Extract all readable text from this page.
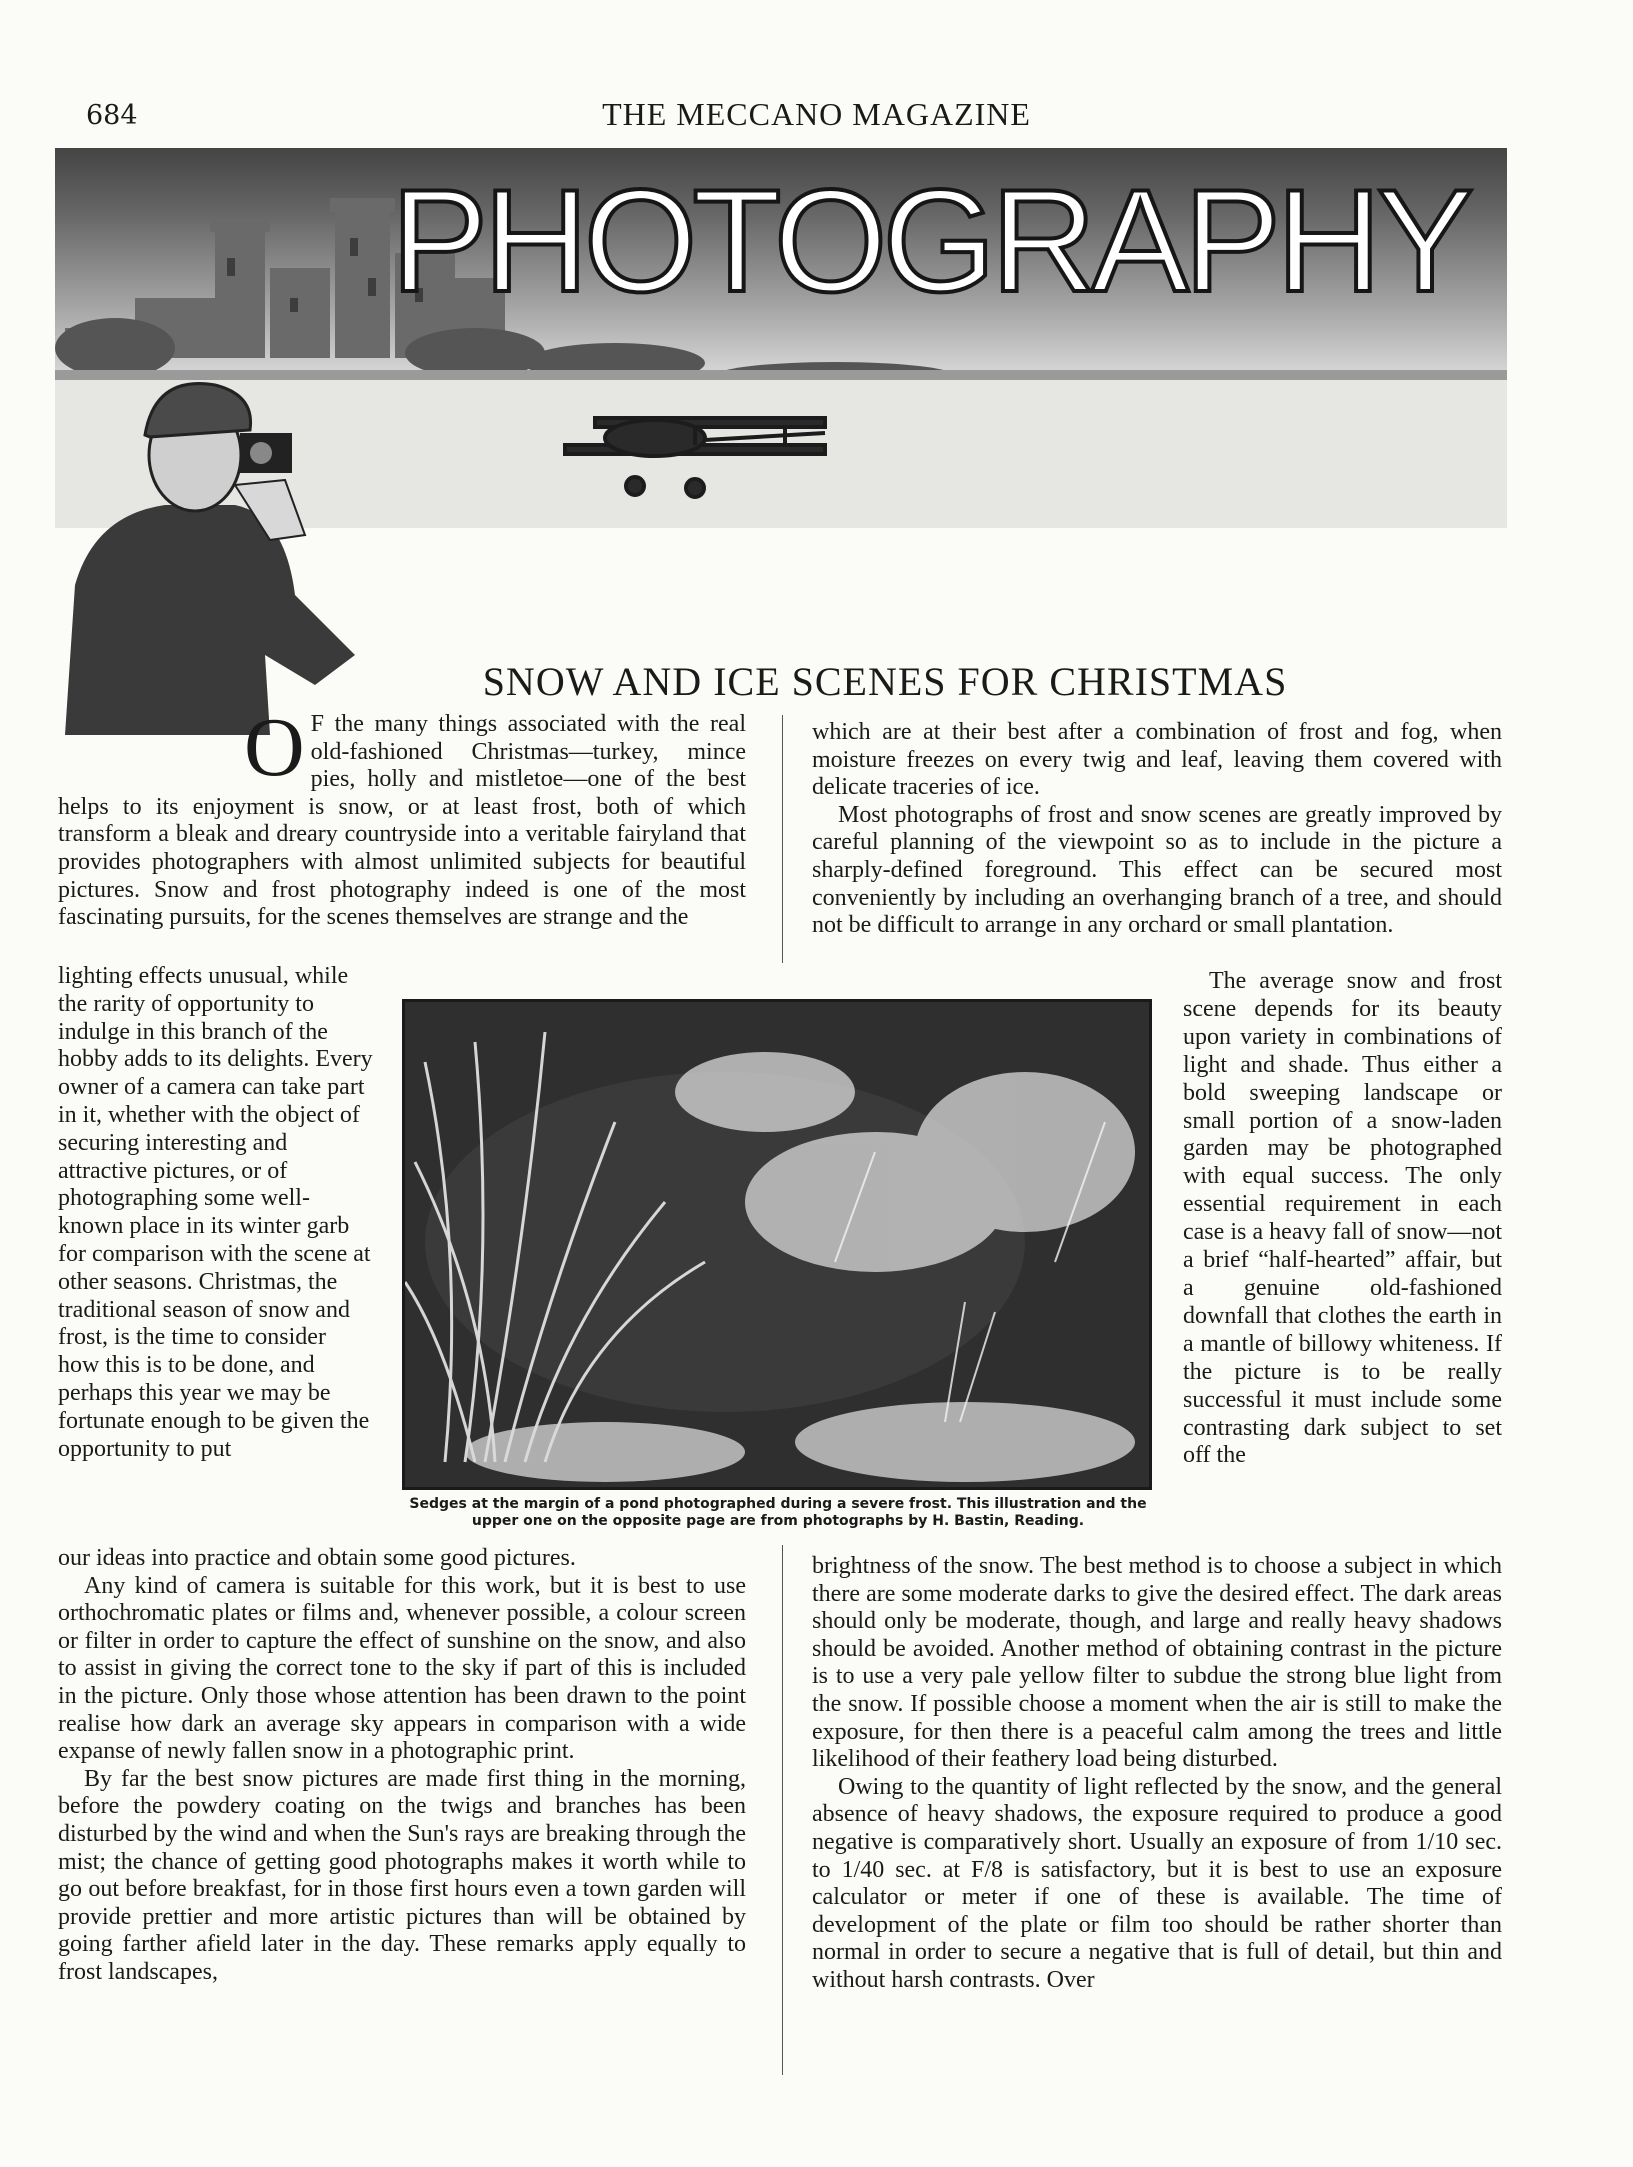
684	THE MECCANO MAGAZINE
PHOTOGRAPHY
SNOW AND ICE SCENES FOR CHRISTMAS
O F the many things associated with the real old-fashioned Christmas—turkey, mince pies, holly and mistletoe—one of the best helps to its enjoyment is snow, or at least frost, both of which transform a bleak and dreary countryside into a veritable fairyland that provides photographers with almost unlimited subjects for beautiful pictures. Snow and frost photography indeed is one of the most fascinating pursuits, for the scenes themselves are strange and the

lighting effects unusual, while the rarity of opportunity to indulge in this branch of the hobby adds to its delights. Every owner of a camera can take part in it, whether with the object of securing interesting and attractive pictures, or of photographing some well-known place in its winter garb for comparison with the scene at other seasons. Christmas, the traditional season of snow and frost, is the time to consider how this is to be done, and perhaps this year we may be fortunate enough to be given the opportunity to put

our ideas into practice and obtain some good pictures.

Any kind of camera is suitable for this work, but it is best to use orthochromatic plates or films and, whenever possible, a colour screen or filter in order to capture the effect of sunshine on the snow, and also to assist in giving the correct tone to the sky if part of this is included in the picture. Only those whose attention has been drawn to the point realise how dark an average sky appears in comparison with a wide expanse of newly fallen snow in a photographic print.

By far the best snow pictures are made first thing in the morning, before the powdery coating on the twigs and branches has been disturbed by the wind and when the Sun's rays are breaking through the mist; the chance of getting good photographs makes it worth while to go out before breakfast, for in those first hours even a town garden will provide prettier and more artistic pictures than will be obtained by going farther afield later in the day. These remarks apply equally to frost landscapes,

which are at their best after a combination of frost and fog, when moisture freezes on every twig and leaf, leaving them covered with delicate traceries of ice.

Most photographs of frost and snow scenes are greatly improved by careful planning of the viewpoint so as to include in the picture a sharply-defined foreground. This effect can be secured most conveniently by including an overhanging branch of a tree, and should not be difficult to arrange in any orchard or small plantation.

The average snow and frost scene depends for its beauty upon variety in combinations of light and shade. Thus either a bold sweeping landscape or small portion of a snow-laden garden may be photographed with equal success. The only essential requirement in each case is a heavy fall of snow—not a brief “half-hearted” affair, but a genuine old-fashioned downfall that clothes the earth in a mantle of billowy whiteness. If the picture is to be really successful it must include some contrasting dark subject to set off the

brightness of the snow. The best method is to choose a subject in which there are some moderate darks to give the desired effect. The dark areas should only be moderate, though, and large and really heavy shadows should be avoided. Another method of obtaining contrast in the picture is to use a very pale yellow filter to subdue the strong blue light from the snow. If possible choose a moment when the air is still to make the exposure, for then there is a peaceful calm among the trees and little likelihood of their feathery load being disturbed.

Owing to the quantity of light reflected by the snow, and the general absence of heavy shadows, the exposure required to produce a good negative is comparatively short. Usually an exposure of from 1/10 sec. to 1/40 sec. at F/8 is satisfactory, but it is best to use an exposure calculator or meter if one of these is available. The time of development of the plate or film too should be rather shorter than normal in order to secure a negative that is full of detail, but thin and without harsh contrasts. Over

Sedges at the margin of a pond photographed during a severe frost. This illustration and the upper one on the opposite page are from photographs by H. Bastin, Reading.
